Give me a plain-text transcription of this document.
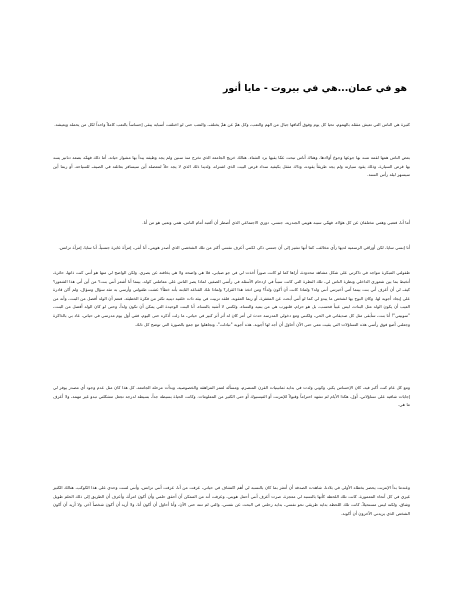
هو في عمان...هي في بيروت - مايا أنور

كثيرة هي الناس التي تعيش مثقلة بالهموم، تحيا كل يوم وفوق أكتافها جبال من الهم والتعب، وكل همّ عن همّ يختلف، والتعب حتى لو اختلفت أسبابه يبقى إحساساً بالتعب كاملاً واحداً لكل من يحمله ويعيشه.

بعض الناس همها لقمة تسد بها جوعها وجوع أولادها، وهناك أناس تبحث عمّا يقيها برد الشتاء. هنالك خريج الجامعة الذي تخرج منذ سنين ولم يجد وظيفة يبدأ بها مشوار حياته. أما ذلك فهمّه بضعة دنانير يسد بها قرض السيارة، وذلك يقود سيارته ولم يجد طريقاً يقوده، وذاك مثقل بكيفية سداد قرض البيت الذي اشتراه، ولدينا ذلك الذي لا يجد حلاً لمعضلة أين سيسافر بعائلته في الصيف للسياحة، أو ربما أين سيسهر ليلة رأس السنة.

أما أنا، فتعبي وهمي مختلفان عن كل هؤلاء، فهمّي سببه هويتي الجندرية، جنسي، دوري الاجتماعي الذي أضطر أن ألعبه أمام الناس، همي وتعبي هو من أنا.

أنا إنسي سايا، لكن أوراقي الرسمية لديها رأي مخالف، كما أنها تشير إلى أن جنسي ذكر، لكنني أعرف نفسي أكثر من تلك الشخصي الذي أصدر هويتي، أنا أنثى، إمرأة عابرة جنسياً، أنا سايا، إمرأة ترانس.

طفولتي المبكرة تتواجد في ذاكرتي على شكل مشاهد محدودة، أراها كما لو كانت صوراً أخذت لي في جو ضبابي، فلا هي واضحة ولا هي يخافتة عن بصري. ولكن الواضح لي منها هو أنني كنت ذاتها، حائرة، أتخبط بما بين شعوري الداخلي ونظرة الناس لي، تلك النظرة التي كانت سبباً في ازدحام الأسئلة في رأسي الصغير، لماذا يصر الناس على معاملتي كولد، بينما أنا أشعر أنني بنت؟ من أين أتى هذا الشعور؟ كيف لي أن أعرف أني بنت بينما أمي أخبرتني أنني ولد؟ ولماذا كانت أن أكون ولداً؟ ومن اتخذ هذا القرار؟ ولماذا تلك القناعة الثابتة بأنه خطأ؟ عشت طفولتي وأرسي به مئة سؤال وسؤال، ولم أكن قادرة على إيجاد أجوبة لها. وكان البوح بها لشخص ما يبدو لي كما لو أنني أبحث عن المغفرة، أو ربما العقوبة. فلقد تربيت في بيئة ذات خلفية دينية تكثر من فكرة الخطيئة. فنعم أن الولد أفضل من البنت، وأنه من العيب أن يكون الولد مثل البنات، ليس عيباً فحسب، بل هو حرام، فلنهرب هي من بنتيه والنساء، ولكنني لا أشبه بالنساء، أنا البنت الوحيدة التي يمكن أن تكون ولداً، وحتى لو كان الولد أفضل من البنت، "سوبيتي"! أنا بنت، سأبقى مثل كل صديقاتي في الحي، ولكنني ومع دخولي المدرسة حدث لي أمر كان له أثر أثر كبير في حياتي، ما زلت أذكره حتى اليوم، ففي أول يوم مدرسي في حياتي، عاد بي بالذاكرة وجعلني أضع فوق رأسي هذه التساؤلات التي بقيت معي حتى الآن أحاول أن أجد لها أجوبة. هذه أجوبة "تبادلت"، وتجاهلوا مع جمع بالصورة التي توضح كل ذلك.

ومع كل عام كنت أكبر فيه، كان الإحساس يكبر، وكوني ولدت في بداية ثمانينيات القرن المنصرم، ومسألة لعمر المراهقة والخصوصية، وبدأت مرحلة الجامعة، كل هذا كان مثل عدم وجود أي مصدر يوفر لي إجابات شافية على تساؤلاتي، أول، هكذا الأيام لم تشهد احتراماً وقبولاً للإنترنت أو الفيسبوك أو حتى الكثير من المعلومات. وكانت الحياة بسيطة جداً، بسيطة لدرجة تجعل مشكلتي تبدو غير مهمة، ولا أعرف ما هي.

وعندما بدأ الإنترنت يحضر بخطاه الأولى في بلادنا، شاهدت الصدفة أن أتعثر بما كان بالنسبة لي أهم اكتشاف في حياتي، عرفت من أنا، عرفت أنني ترانس، وأنني لست وحدي على هذا الكوكب، هنالك الكثير غيري في كل أنحاء المعمورة، كانت تلك اللحظة كأنها بالنسبة لي معجزة، صرت أعرف أنني أحمل هويتي، وعرفت أنه من الممكن أن أحقق حلمي وأن أكون امرأة، وأعرف أن الطريق إلى ذلك الحلم طويل وشاق، ولكنه ليس مستحيلاً، كانت تلك اللحظة بداية طريقي نحو نفسي، بداية رحلتي في البحث عن نفسي، والتي لم تنته حتى الآن، وأنا أحاول أن أكون أنا، ولا أريد أن أكون شخصاً آخر، ولا أريد أن أكون الشخص الذي يريدني الآخرون أن أكونه.
